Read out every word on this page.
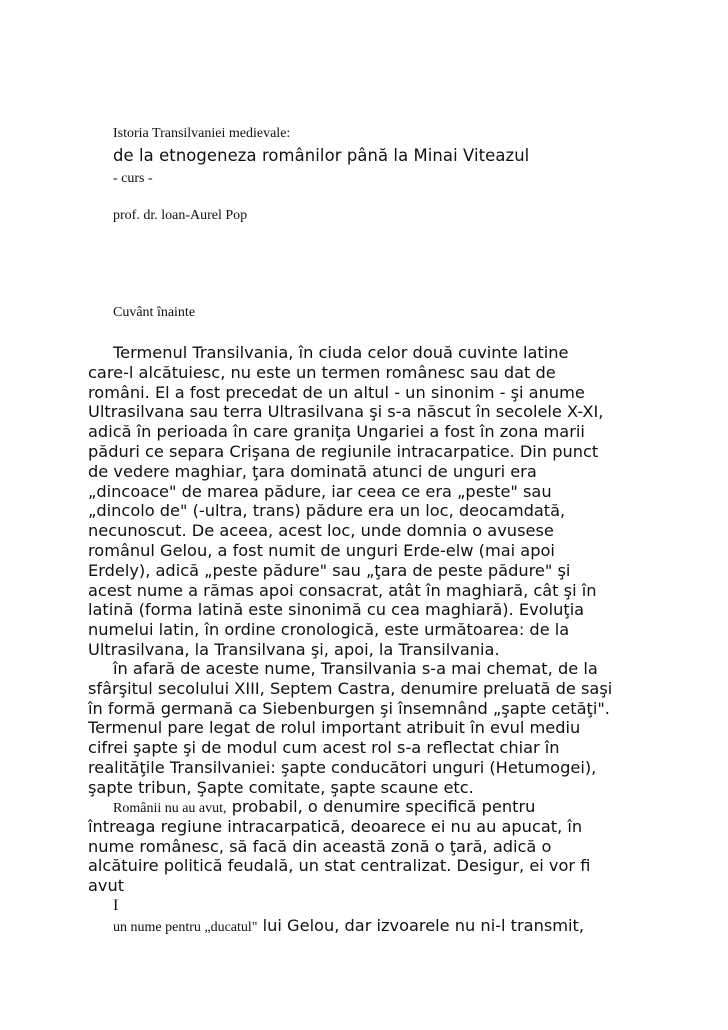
Istoria Transilvaniei medievale:

de la etnogeneza românilor până la Minai Viteazul

- curs -

prof. dr. loan-Aurel Pop

Cuvânt înainte

Termenul Transilvania, în ciuda celor două cuvinte latine
care-l alcătuiesc, nu este un termen românesc sau dat de
români. El a fost precedat de un altul - un sinonim - şi anume
Ultrasilvana sau terra Ultrasilvana şi s-a născut în secolele X-XI,
adică în perioada în care graniţa Ungariei a fost în zona marii
păduri ce separa Crişana de regiunile intracarpatice. Din punct
de vedere maghiar, ţara dominată atunci de unguri era
„dincoace" de marea pădure, iar ceea ce era „peste" sau
„dincolo de" (-ultra, trans) pădure era un loc, deocamdată,
necunoscut. De aceea, acest loc, unde domnia o avusese
românul Gelou, a fost numit de unguri Erde-elw (mai apoi
Erdely), adică „peste pădure" sau „ţara de peste pădure" şi
acest nume a rămas apoi consacrat, atât în maghiară, cât şi în
latină (forma latină este sinonimă cu cea maghiară). Evoluţia
numelui latin, în ordine cronologică, este următoarea: de la
Ultrasilvana, la Transilvana şi, apoi, la Transilvania.
în afară de aceste nume, Transilvania s-a mai chemat, de la
sfârşitul secolului XIII, Septem Castra, denumire preluată de saşi
în formă germană ca Siebenburgen şi însemnând „şapte cetăţi".
Termenul pare legat de rolul important atribuit în evul mediu
cifrei şapte şi de modul cum acest rol s-a reflectat chiar în
realităţile Transilvaniei: şapte conducători unguri (Hetumogei),
şapte tribun, Şapte comitate, şapte scaune etc.
Românii nu au avut, probabil, o denumire specifică pentru
întreaga regiune intracarpatică, deoarece ei nu au apucat, în
nume românesc, să facă din această zonă o ţară, adică o
alcătuire politică feudală, un stat centralizat. Desigur, ei vor fi
avut
I
un nume pentru „ducatul" lui Gelou, dar izvoarele nu ni-l transmit,
